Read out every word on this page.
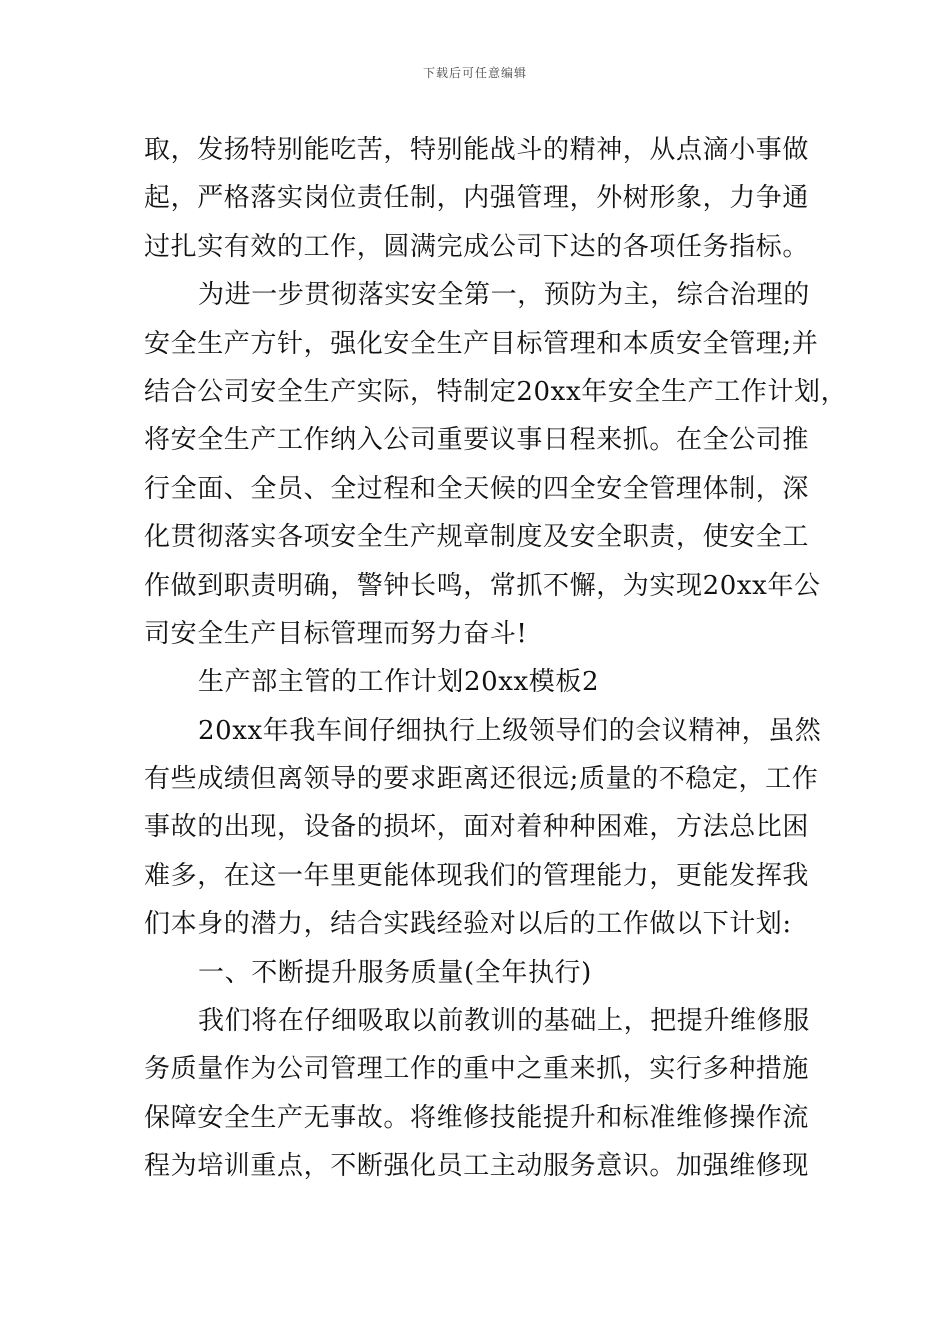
下载后可任意编辑
取，发扬特别能吃苦，特别能战斗的精神，从点滴小事做
起，严格落实岗位责任制，内强管理，外树形象，力争通
过扎实有效的工作，圆满完成公司下达的各项任务指标。
为进一步贯彻落实安全第一，预防为主，综合治理的
安全生产方针，强化安全生产目标管理和本质安全管理;并
结合公司安全生产实际，特制定20xx年安全生产工作计划，
将安全生产工作纳入公司重要议事日程来抓。在全公司推
行全面、全员、全过程和全天候的四全安全管理体制，深
化贯彻落实各项安全生产规章制度及安全职责，使安全工
作做到职责明确，警钟长鸣，常抓不懈，为实现20xx年公
司安全生产目标管理而努力奋斗!
生产部主管的工作计划20xx模板2
20xx年我车间仔细执行上级领导们的会议精神，虽然
有些成绩但离领导的要求距离还很远;质量的不稳定，工作
事故的出现，设备的损坏，面对着种种困难，方法总比困
难多，在这一年里更能体现我们的管理能力，更能发挥我
们本身的潜力，结合实践经验对以后的工作做以下计划:
一、不断提升服务质量(全年执行)
我们将在仔细吸取以前教训的基础上，把提升维修服
务质量作为公司管理工作的重中之重来抓，实行多种措施
保障安全生产无事故。将维修技能提升和标准维修操作流
程为培训重点，不断强化员工主动服务意识。加强维修现
